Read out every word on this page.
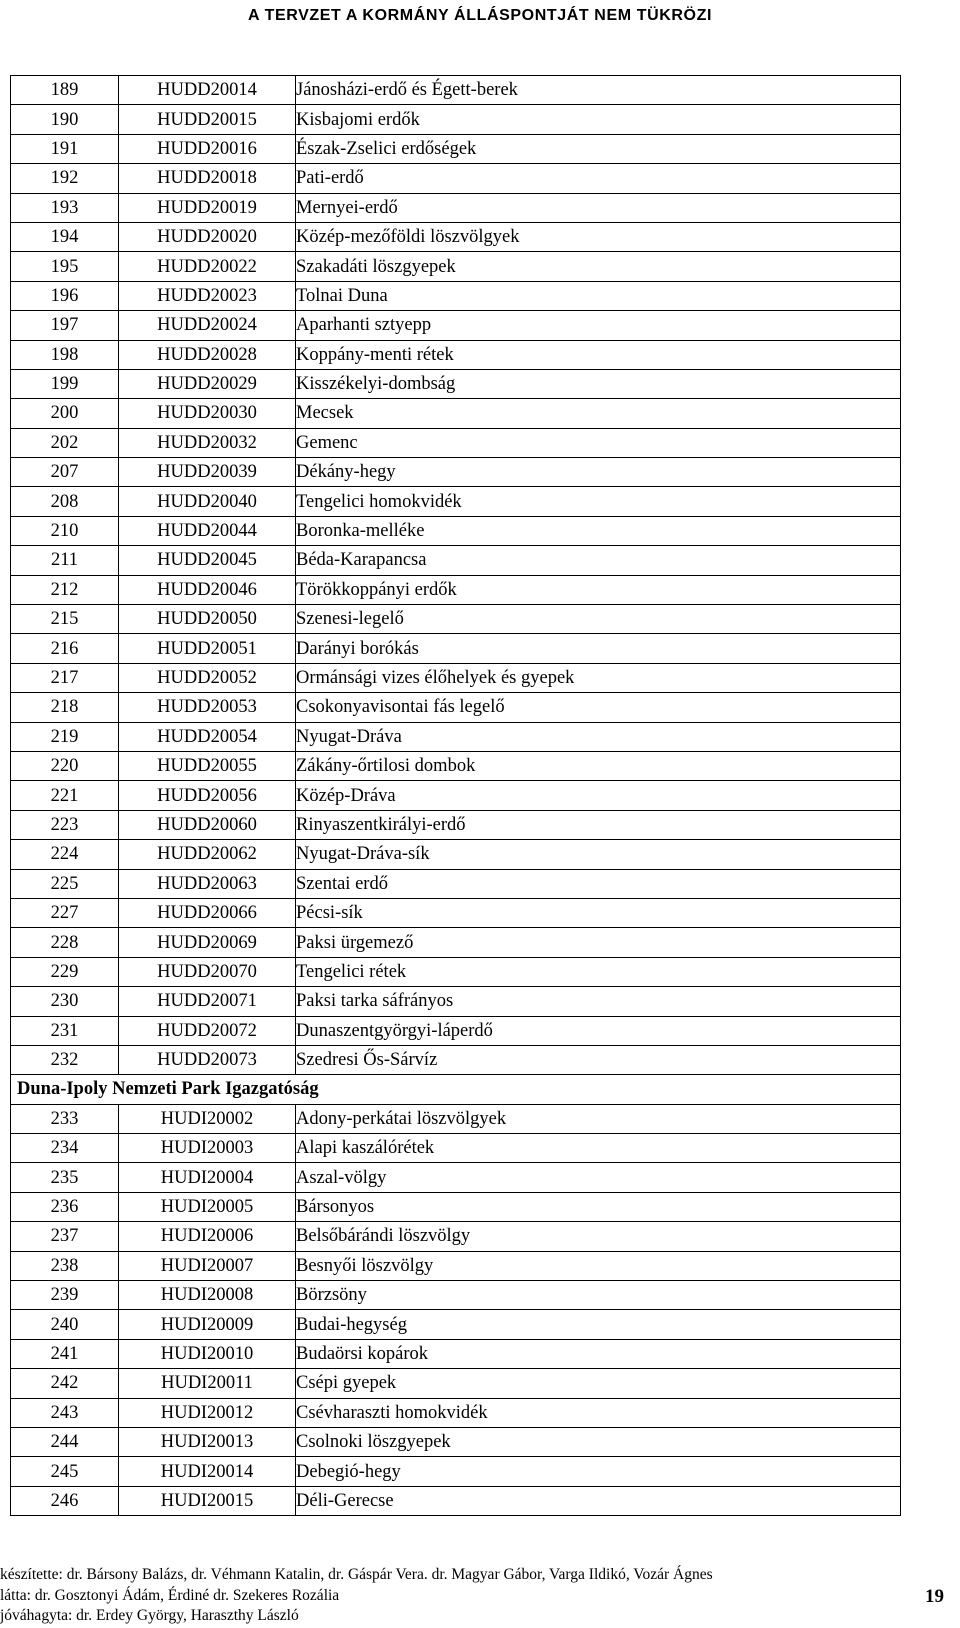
A TERVZET A KORMÁNY ÁLLÁSPONTJÁT NEM TÜKRÖZI
189	HUDD20014	Jánosházi-erdő és Égett-berek
190	HUDD20015	Kisbajomi erdők
191	HUDD20016	Észak-Zselici erdőségek
192	HUDD20018	Pati-erdő
193	HUDD20019	Mernyei-erdő
194	HUDD20020	Közép-mezőföldi löszvölgyek
195	HUDD20022	Szakadáti löszgyepek
196	HUDD20023	Tolnai Duna
197	HUDD20024	Aparhanti sztyepp
198	HUDD20028	Koppány-menti rétek
199	HUDD20029	Kisszékelyi-dombság
200	HUDD20030	Mecsek
202	HUDD20032	Gemenc
207	HUDD20039	Dékány-hegy
208	HUDD20040	Tengelici homokvidék
210	HUDD20044	Boronka-melléke
211	HUDD20045	Béda-Karapancsa
212	HUDD20046	Törökkoppányi erdők
215	HUDD20050	Szenesi-legelő
216	HUDD20051	Darányi borókás
217	HUDD20052	Ormánsági vizes élőhelyek és gyepek
218	HUDD20053	Csokonyavisontai fás legelő
219	HUDD20054	Nyugat-Dráva
220	HUDD20055	Zákány-őrtilosi dombok
221	HUDD20056	Közép-Dráva
223	HUDD20060	Rinyaszentkirályi-erdő
224	HUDD20062	Nyugat-Dráva-sík
225	HUDD20063	Szentai erdő
227	HUDD20066	Pécsi-sík
228	HUDD20069	Paksi ürgemező
229	HUDD20070	Tengelici rétek
230	HUDD20071	Paksi tarka sáfrányos
231	HUDD20072	Dunaszentgyörgyi-láperdő
232	HUDD20073	Szedresi Ős-Sárvíz
Duna-Ipoly Nemzeti Park Igazgatóság		
233	HUDI20002	Adony-perkátai löszvölgyek
234	HUDI20003	Alapi kaszálórétek
235	HUDI20004	Aszal-völgy
236	HUDI20005	Bársonyos
237	HUDI20006	Belsőbárándi löszvölgy
238	HUDI20007	Besnyői löszvölgy
239	HUDI20008	Börzsöny
240	HUDI20009	Budai-hegység
241	HUDI20010	Budaörsi kopárok
242	HUDI20011	Csépi gyepek
243	HUDI20012	Csévharaszti homokvidék
244	HUDI20013	Csolnoki löszgyepek
245	HUDI20014	Debegió-hegy
246	HUDI20015	Déli-Gerecse
készítette: dr. Bársony Balázs, dr. Véhmann Katalin, dr. Gáspár Vera. dr. Magyar Gábor, Varga Ildikó, Vozár Ágnes
látta: dr. Gosztonyi Ádám, Érdiné dr. Szekeres Rozália
jóváhagyta: dr. Erdey György, Haraszthy László
19
